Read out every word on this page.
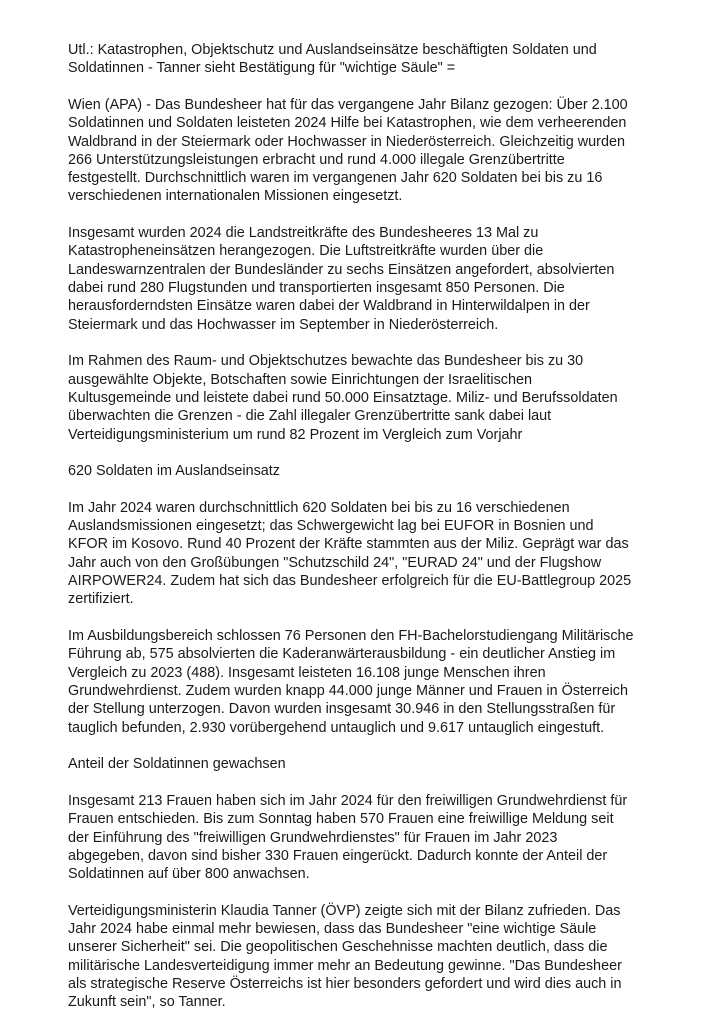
Utl.: Katastrophen, Objektschutz und Auslandseinsätze beschäftigten Soldaten und Soldatinnen - Tanner sieht Bestätigung für "wichtige Säule" =

Wien (APA) - Das Bundesheer hat für das vergangene Jahr Bilanz gezogen: Über 2.100 Soldatinnen und Soldaten leisteten 2024 Hilfe bei Katastrophen, wie dem verheerenden Waldbrand in der Steiermark oder Hochwasser in Niederösterreich. Gleichzeitig wurden 266 Unterstützungsleistungen erbracht und rund 4.000 illegale Grenzübertritte festgestellt. Durchschnittlich waren im vergangenen Jahr 620 Soldaten bei bis zu 16 verschiedenen internationalen Missionen eingesetzt.

Insgesamt wurden 2024 die Landstreitkräfte des Bundesheeres 13 Mal zu Katastropheneinsätzen herangezogen. Die Luftstreitkräfte wurden über die Landeswarnzentralen der Bundesländer zu sechs Einsätzen angefordert, absolvierten dabei rund 280 Flugstunden und transportierten insgesamt 850 Personen. Die herausforderndsten Einsätze waren dabei der Waldbrand in Hinterwildalpen in der Steiermark und das Hochwasser im September in Niederösterreich.

Im Rahmen des Raum- und Objektschutzes bewachte das Bundesheer bis zu 30 ausgewählte Objekte, Botschaften sowie Einrichtungen der Israelitischen Kultusgemeinde und leistete dabei rund 50.000 Einsatztage. Miliz- und Berufssoldaten überwachten die Grenzen - die Zahl illegaler Grenzübertritte sank dabei laut Verteidigungsministerium um rund 82 Prozent im Vergleich zum Vorjahr

620 Soldaten im Auslandseinsatz

Im Jahr 2024 waren durchschnittlich 620 Soldaten bei bis zu 16 verschiedenen Auslandsmissionen eingesetzt; das Schwergewicht lag bei EUFOR in Bosnien und KFOR im Kosovo. Rund 40 Prozent der Kräfte stammten aus der Miliz. Geprägt war das Jahr auch von den Großübungen "Schutzschild 24", "EURAD 24" und der Flugshow AIRPOWER24. Zudem hat sich das Bundesheer erfolgreich für die EU-Battlegroup 2025 zertifiziert.

Im Ausbildungsbereich schlossen 76 Personen den FH-Bachelorstudiengang Militärische Führung ab, 575 absolvierten die Kaderanwärterausbildung - ein deutlicher Anstieg im Vergleich zu 2023 (488). Insgesamt leisteten 16.108 junge Menschen ihren Grundwehrdienst. Zudem wurden knapp 44.000 junge Männer und Frauen in Österreich der Stellung unterzogen. Davon wurden insgesamt 30.946 in den Stellungsstraßen für tauglich befunden, 2.930 vorübergehend untauglich und 9.617 untauglich eingestuft.

Anteil der Soldatinnen gewachsen

Insgesamt 213 Frauen haben sich im Jahr 2024 für den freiwilligen Grundwehrdienst für Frauen entschieden. Bis zum Sonntag haben 570 Frauen eine freiwillige Meldung seit der Einführung des "freiwilligen Grundwehrdienstes" für Frauen im Jahr 2023 abgegeben, davon sind bisher 330 Frauen eingerückt. Dadurch konnte der Anteil der Soldatinnen auf über 800 anwachsen.

Verteidigungsministerin Klaudia Tanner (ÖVP) zeigte sich mit der Bilanz zufrieden. Das Jahr 2024 habe einmal mehr bewiesen, dass das Bundesheer "eine wichtige Säule unserer Sicherheit" sei. Die geopolitischen Geschehnisse machten deutlich, dass die militärische Landesverteidigung immer mehr an Bedeutung gewinne. "Das Bundesheer als strategische Reserve Österreichs ist hier besonders gefordert und wird dies auch in Zukunft sein", so Tanner.
